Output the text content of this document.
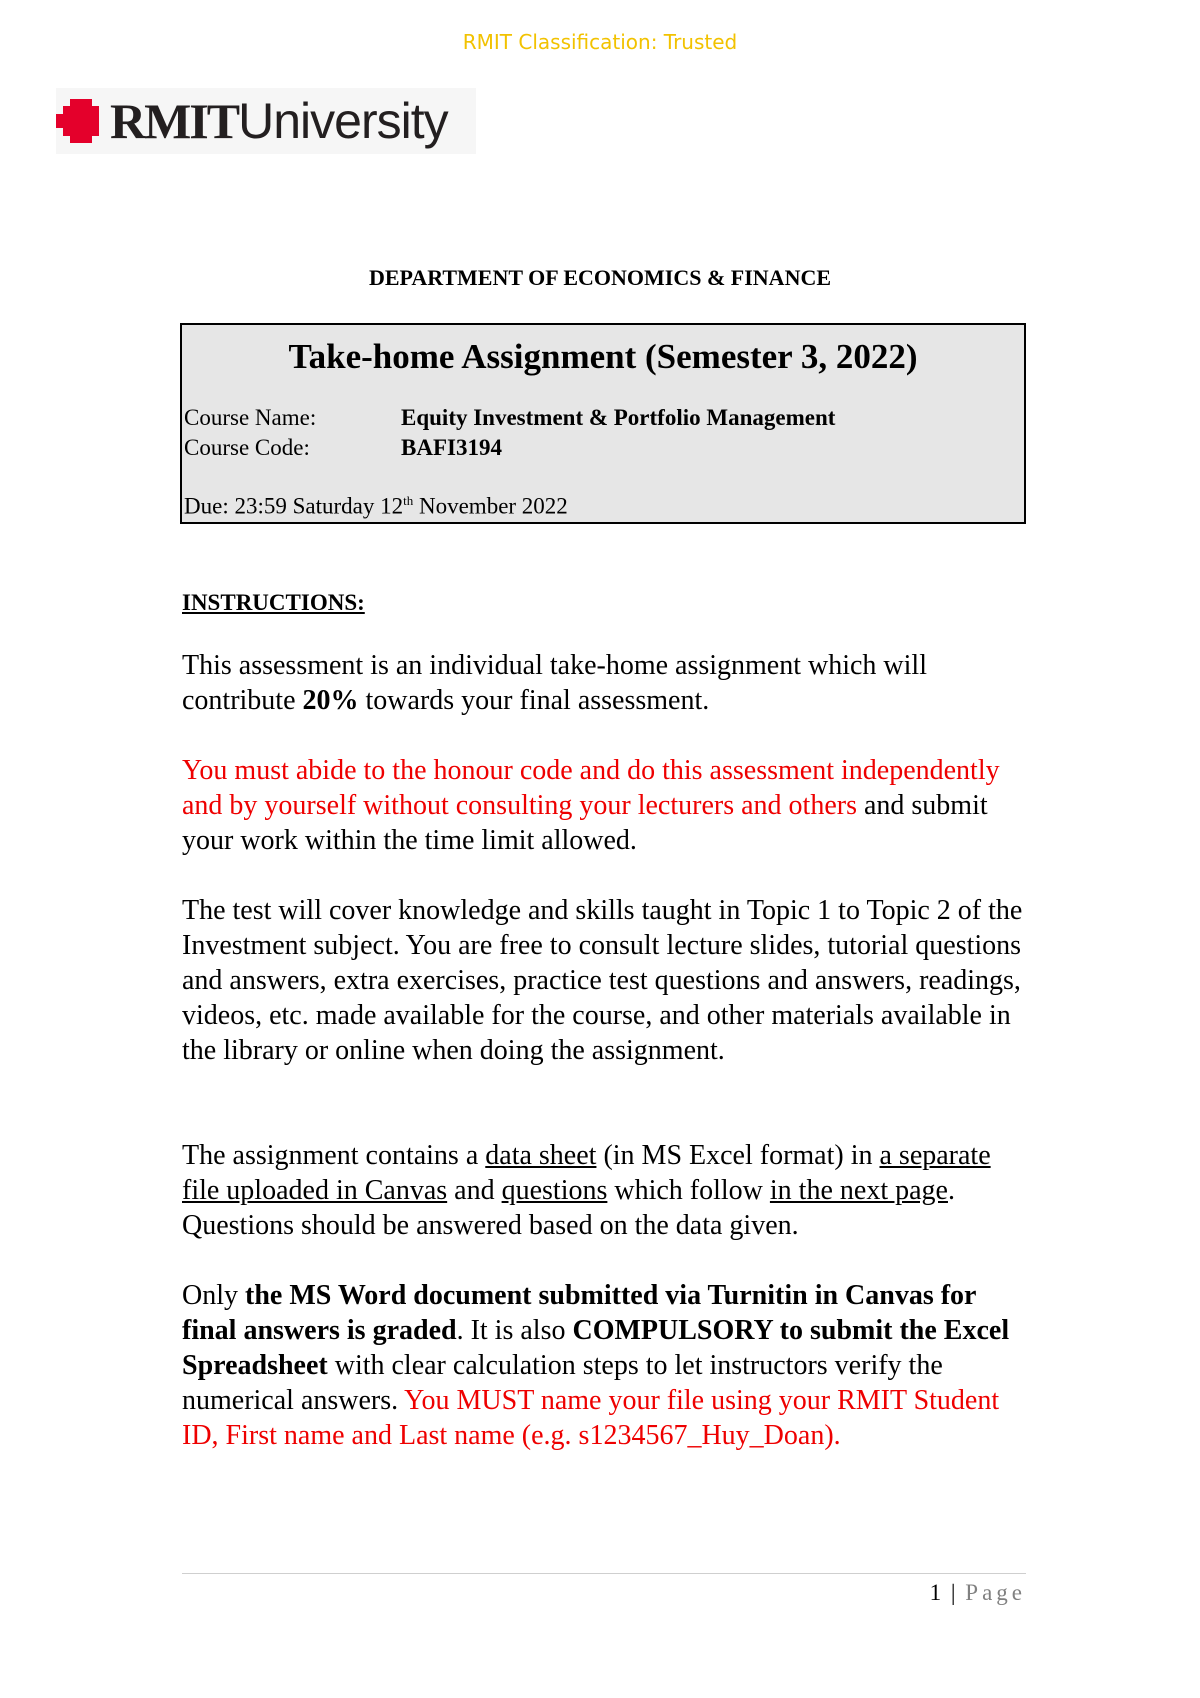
RMIT Classification: Trusted
RMITUniversity
DEPARTMENT OF ECONOMICS & FINANCE
Take-home Assignment (Semester 3, 2022)
Course Name:	Equity Investment & Portfolio Management
Course Code:	BAFI3194
Due: 23:59 Saturday 12th November 2022
INSTRUCTIONS:
This assessment is an individual take-home assignment which will contribute 20% towards your final assessment.
You must abide to the honour code and do this assessment independently and by yourself without consulting your lecturers and others and submit your work within the time limit allowed.
The test will cover knowledge and skills taught in Topic 1 to Topic 2 of the Investment subject. You are free to consult lecture slides, tutorial questions and answers, extra exercises, practice test questions and answers, readings, videos, etc. made available for the course, and other materials available in the library or online when doing the assignment.
The assignment contains a data sheet (in MS Excel format) in a separate file uploaded in Canvas and questions which follow in the next page. Questions should be answered based on the data given.
Only the MS Word document submitted via Turnitin in Canvas for final answers is graded. It is also COMPULSORY to submit the Excel Spreadsheet with clear calculation steps to let instructors verify the numerical answers. You MUST name your file using your RMIT Student ID, First name and Last name (e.g. s1234567_Huy_Doan).
1 | Page
